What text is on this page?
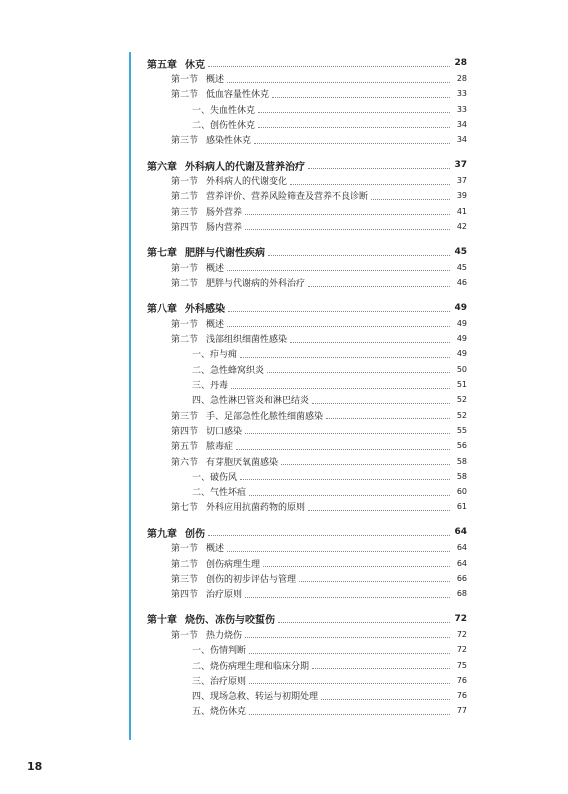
第五章 休克	28
第一节 概述	28
第二节 低血容量性休克	33
一、失血性休克	33
二、创伤性休克	34
第三节 感染性休克	34
第六章 外科病人的代谢及营养治疗	37
第一节 外科病人的代谢变化	37
第二节 营养评价、营养风险筛查及营养不良诊断	39
第三节 肠外营养	41
第四节 肠内营养	42
第七章 肥胖与代谢性疾病	45
第一节 概述	45
第二节 肥胖与代谢病的外科治疗	46
第八章 外科感染	49
第一节 概述	49
第二节 浅部组织细菌性感染	49
一、疖与痈	49
二、急性蜂窝织炎	50
三、丹毒	51
四、急性淋巴管炎和淋巴结炎	52
第三节 手、足部急性化脓性细菌感染	52
第四节 切口感染	55
第五节 脓毒症	56
第六节 有芽胞厌氧菌感染	58
一、破伤风	58
二、气性坏疽	60
第七节 外科应用抗菌药物的原则	61
第九章 创伤	64
第一节 概述	64
第二节 创伤病理生理	64
第三节 创伤的初步评估与管理	66
第四节 治疗原则	68
第十章 烧伤、冻伤与咬蜇伤	72
第一节 热力烧伤	72
一、伤情判断	72
二、烧伤病理生理和临床分期	75
三、治疗原则	76
四、现场急救、转运与初期处理	76
五、烧伤休克	77
18
